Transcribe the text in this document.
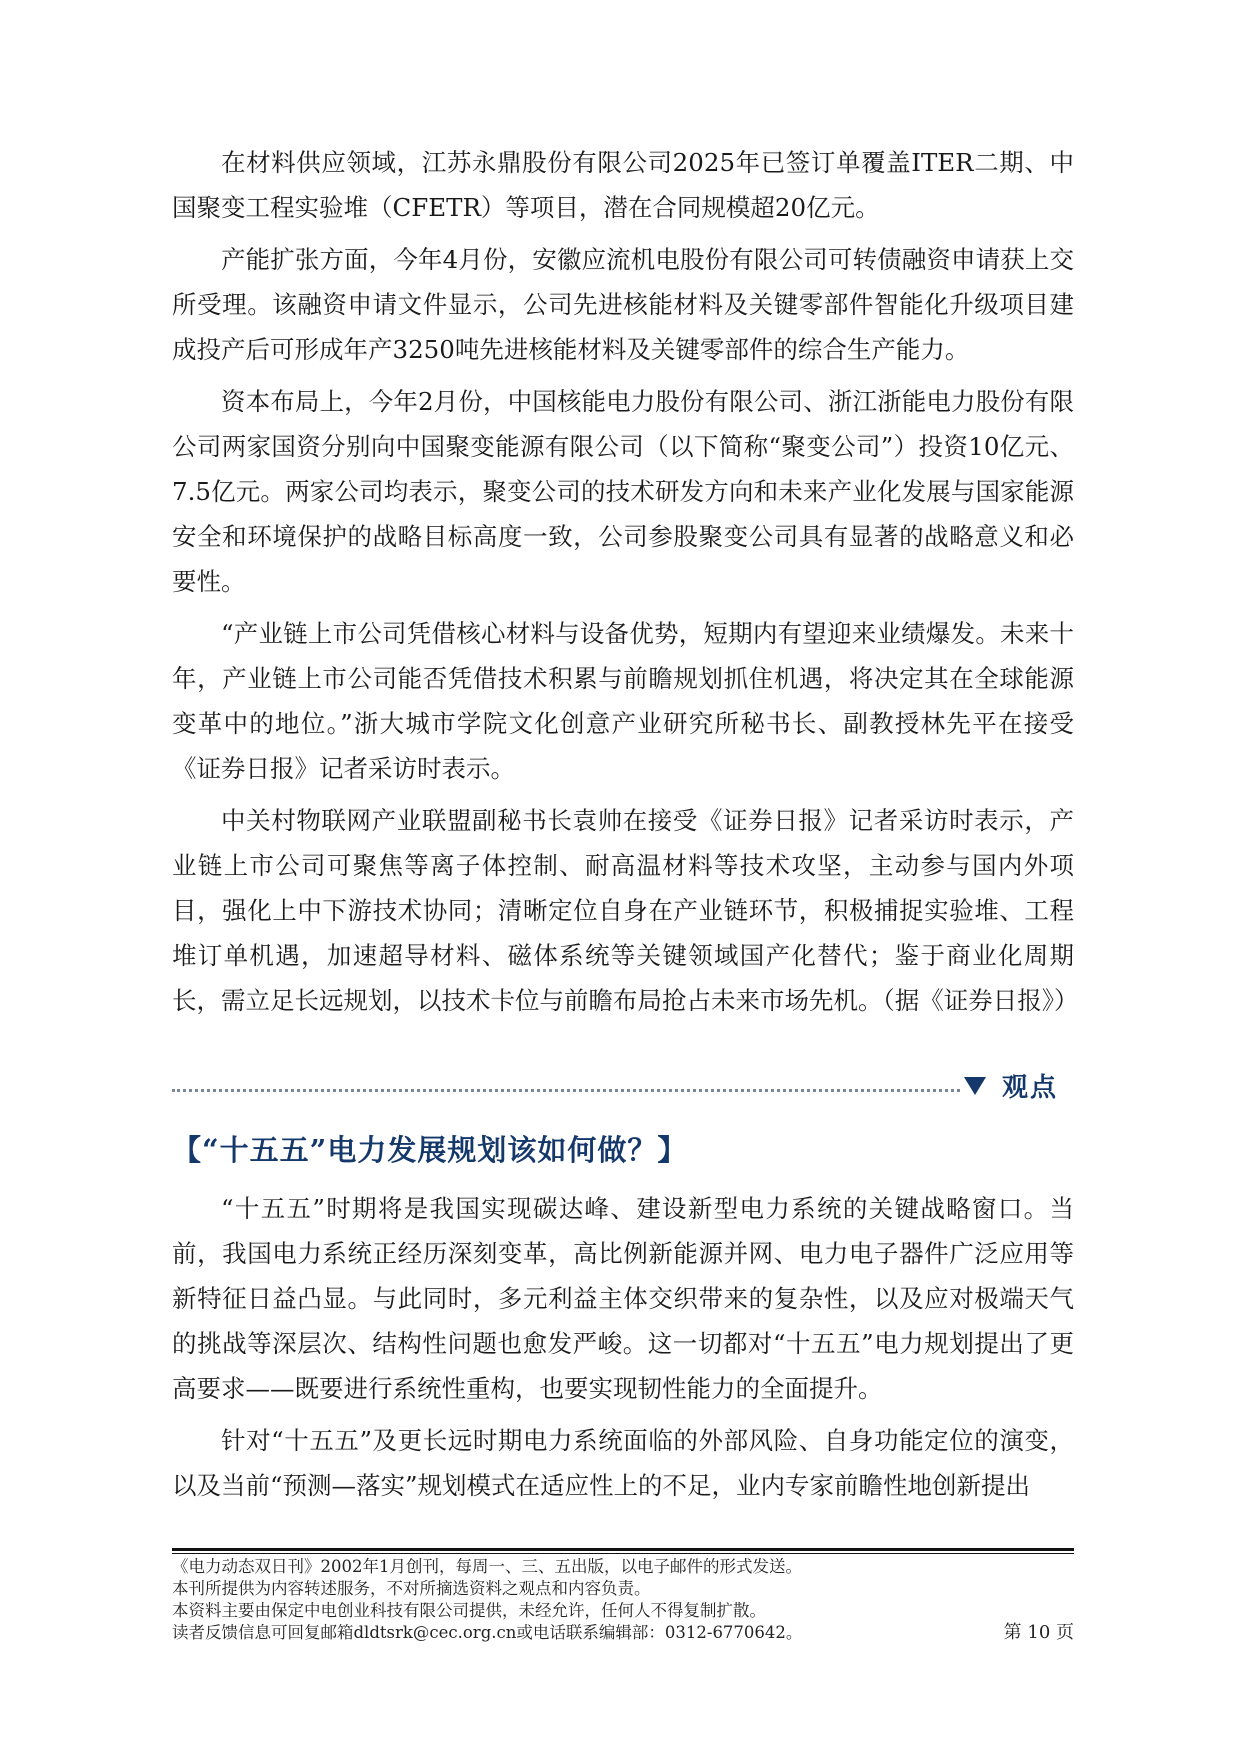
在材料供应领域，江苏永鼎股份有限公司2025年已签订单覆盖ITER二期、中国聚变工程实验堆（CFETR）等项目，潜在合同规模超20亿元。

产能扩张方面，今年4月份，安徽应流机电股份有限公司可转债融资申请获上交所受理。该融资申请文件显示，公司先进核能材料及关键零部件智能化升级项目建成投产后可形成年产3250吨先进核能材料及关键零部件的综合生产能力。

资本布局上，今年2月份，中国核能电力股份有限公司、浙江浙能电力股份有限公司两家国资分别向中国聚变能源有限公司（以下简称“聚变公司”）投资10亿元、7.5亿元。两家公司均表示，聚变公司的技术研发方向和未来产业化发展与国家能源安全和环境保护的战略目标高度一致，公司参股聚变公司具有显著的战略意义和必要性。

“产业链上市公司凭借核心材料与设备优势，短期内有望迎来业绩爆发。未来十年，产业链上市公司能否凭借技术积累与前瞻规划抓住机遇，将决定其在全球能源变革中的地位。”浙大城市学院文化创意产业研究所秘书长、副教授林先平在接受《证券日报》记者采访时表示。

中关村物联网产业联盟副秘书长袁帅在接受《证券日报》记者采访时表示，产业链上市公司可聚焦等离子体控制、耐高温材料等技术攻坚，主动参与国内外项目，强化上中下游技术协同；清晰定位自身在产业链环节，积极捕捉实验堆、工程堆订单机遇，加速超导材料、磁体系统等关键领域国产化替代；鉴于商业化周期长，需立足长远规划，以技术卡位与前瞻布局抢占未来市场先机。（据《证券日报》）

观点
【“十五五”电力发展规划该如何做？】

“十五五”时期将是我国实现碳达峰、建设新型电力系统的关键战略窗口。当前，我国电力系统正经历深刻变革，高比例新能源并网、电力电子器件广泛应用等新特征日益凸显。与此同时，多元利益主体交织带来的复杂性，以及应对极端天气的挑战等深层次、结构性问题也愈发严峻。这一切都对“十五五”电力规划提出了更高要求——既要进行系统性重构，也要实现韧性能力的全面提升。

针对“十五五”及更长远时期电力系统面临的外部风险、自身功能定位的演变，以及当前“预测—落实”规划模式在适应性上的不足，业内专家前瞻性地创新提出

《电力动态双日刊》2002年1月创刊，每周一、三、五出版，以电子邮件的形式发送。
本刊所提供为内容转述服务，不对所摘选资料之观点和内容负责。
本资料主要由保定中电创业科技有限公司提供，未经允许，任何人不得复制扩散。
读者反馈信息可回复邮箱dldtsrk@cec.org.cn或电话联系编辑部：0312-6770642。	第 10 页
